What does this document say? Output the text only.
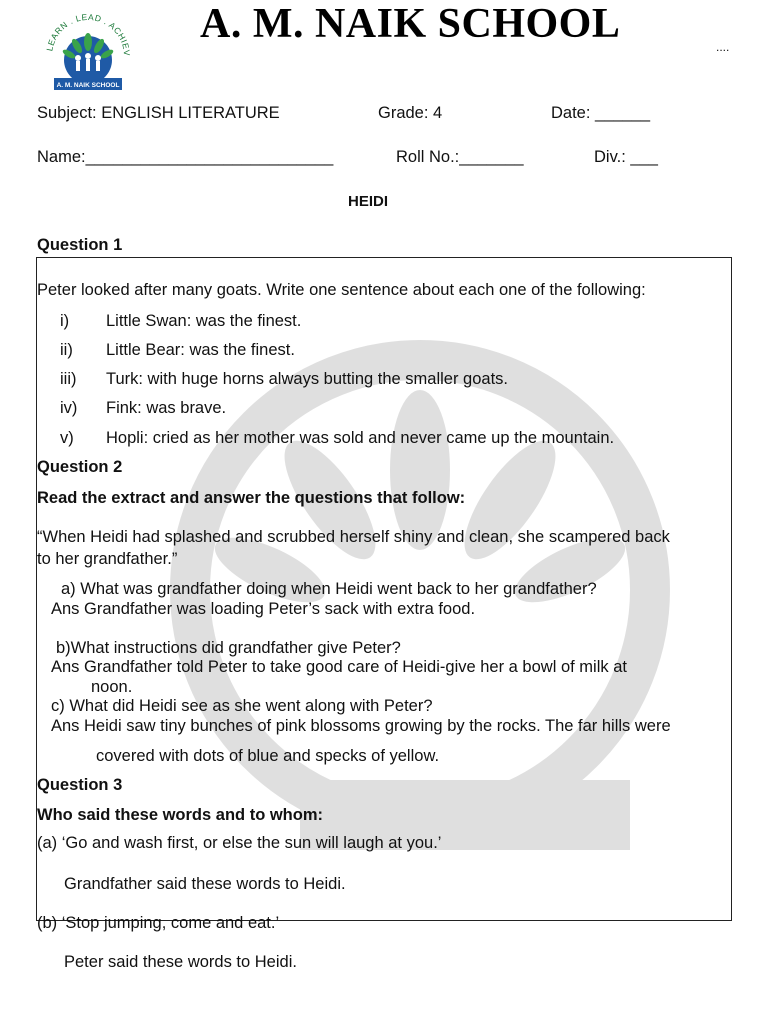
LEARN . LEAD . ACHIEV
A. M. NAIK SCHOOL
A. M. NAIK SCHOOL	....
Subject: ENGLISH LITERATURE	Grade: 4	Date: ______
Name:___________________________	Roll No.:_______	Div.: ___
HEIDI
Question 1
Peter looked after many goats. Write one sentence about each one of the following:
i) Little Swan: was the finest.
ii) Little Bear: was the finest.
iii) Turk: with huge horns always butting the smaller goats.
iv) Fink: was brave.
v) Hopli: cried as her mother was sold and never came up the mountain.
Question 2
Read the extract and answer the questions that follow:
“When Heidi had splashed and scrubbed herself shiny and clean, she scampered back
to her grandfather.”
a) What was grandfather doing when Heidi went back to her grandfather?
Ans Grandfather was loading Peter’s sack with extra food.
b)What instructions did grandfather give Peter?
Ans Grandfather told Peter to take good care of Heidi-give her a bowl of milk at
noon.
c) What did Heidi see as she went along with Peter?
Ans Heidi saw tiny bunches of pink blossoms growing by the rocks. The far hills were
covered with dots of blue and specks of yellow.
Question 3
Who said these words and to whom:
(a) ‘Go and wash first, or else the sun will laugh at you.’
Grandfather said these words to Heidi.
(b) ‘Stop jumping, come and eat.’
Peter said these words to Heidi.
